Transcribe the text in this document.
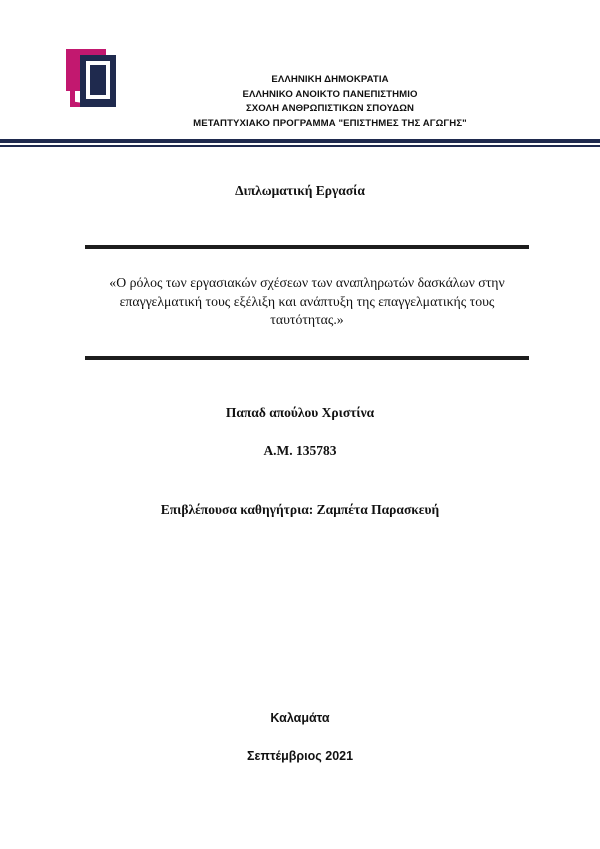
ΕΛΛΗΝΙΚΗ ΔΗΜΟΚΡΑΤΙΑ
ΕΛΛΗΝΙΚΟ ΑΝΟΙΚΤΟ ΠΑΝΕΠΙΣΤΗΜΙΟ
ΣΧΟΛΗ ΑΝΘΡΩΠΙΣΤΙΚΩΝ ΣΠΟΥΔΩΝ
ΜΕΤΑΠΤΥΧΙΑΚΟ ΠΡΟΓΡΑΜΜΑ "ΕΠΙΣΤΗΜΕΣ ΤΗΣ ΑΓΩΓΗΣ"
Διπλωματική Εργασία
«Ο ρόλος των εργασιακών σχέσεων των αναπληρωτών δασκάλων στην επαγγελματική τους εξέλιξη και ανάπτυξη της επαγγελματικής τους ταυτότητας.»
Παπαδ απούλου Χριστίνα
Α.Μ. 135783
Επιβλέπουσα καθηγήτρια: Ζαμπέτα Παρασκευή
Καλαμάτα
Σεπτέμβριος 2021
